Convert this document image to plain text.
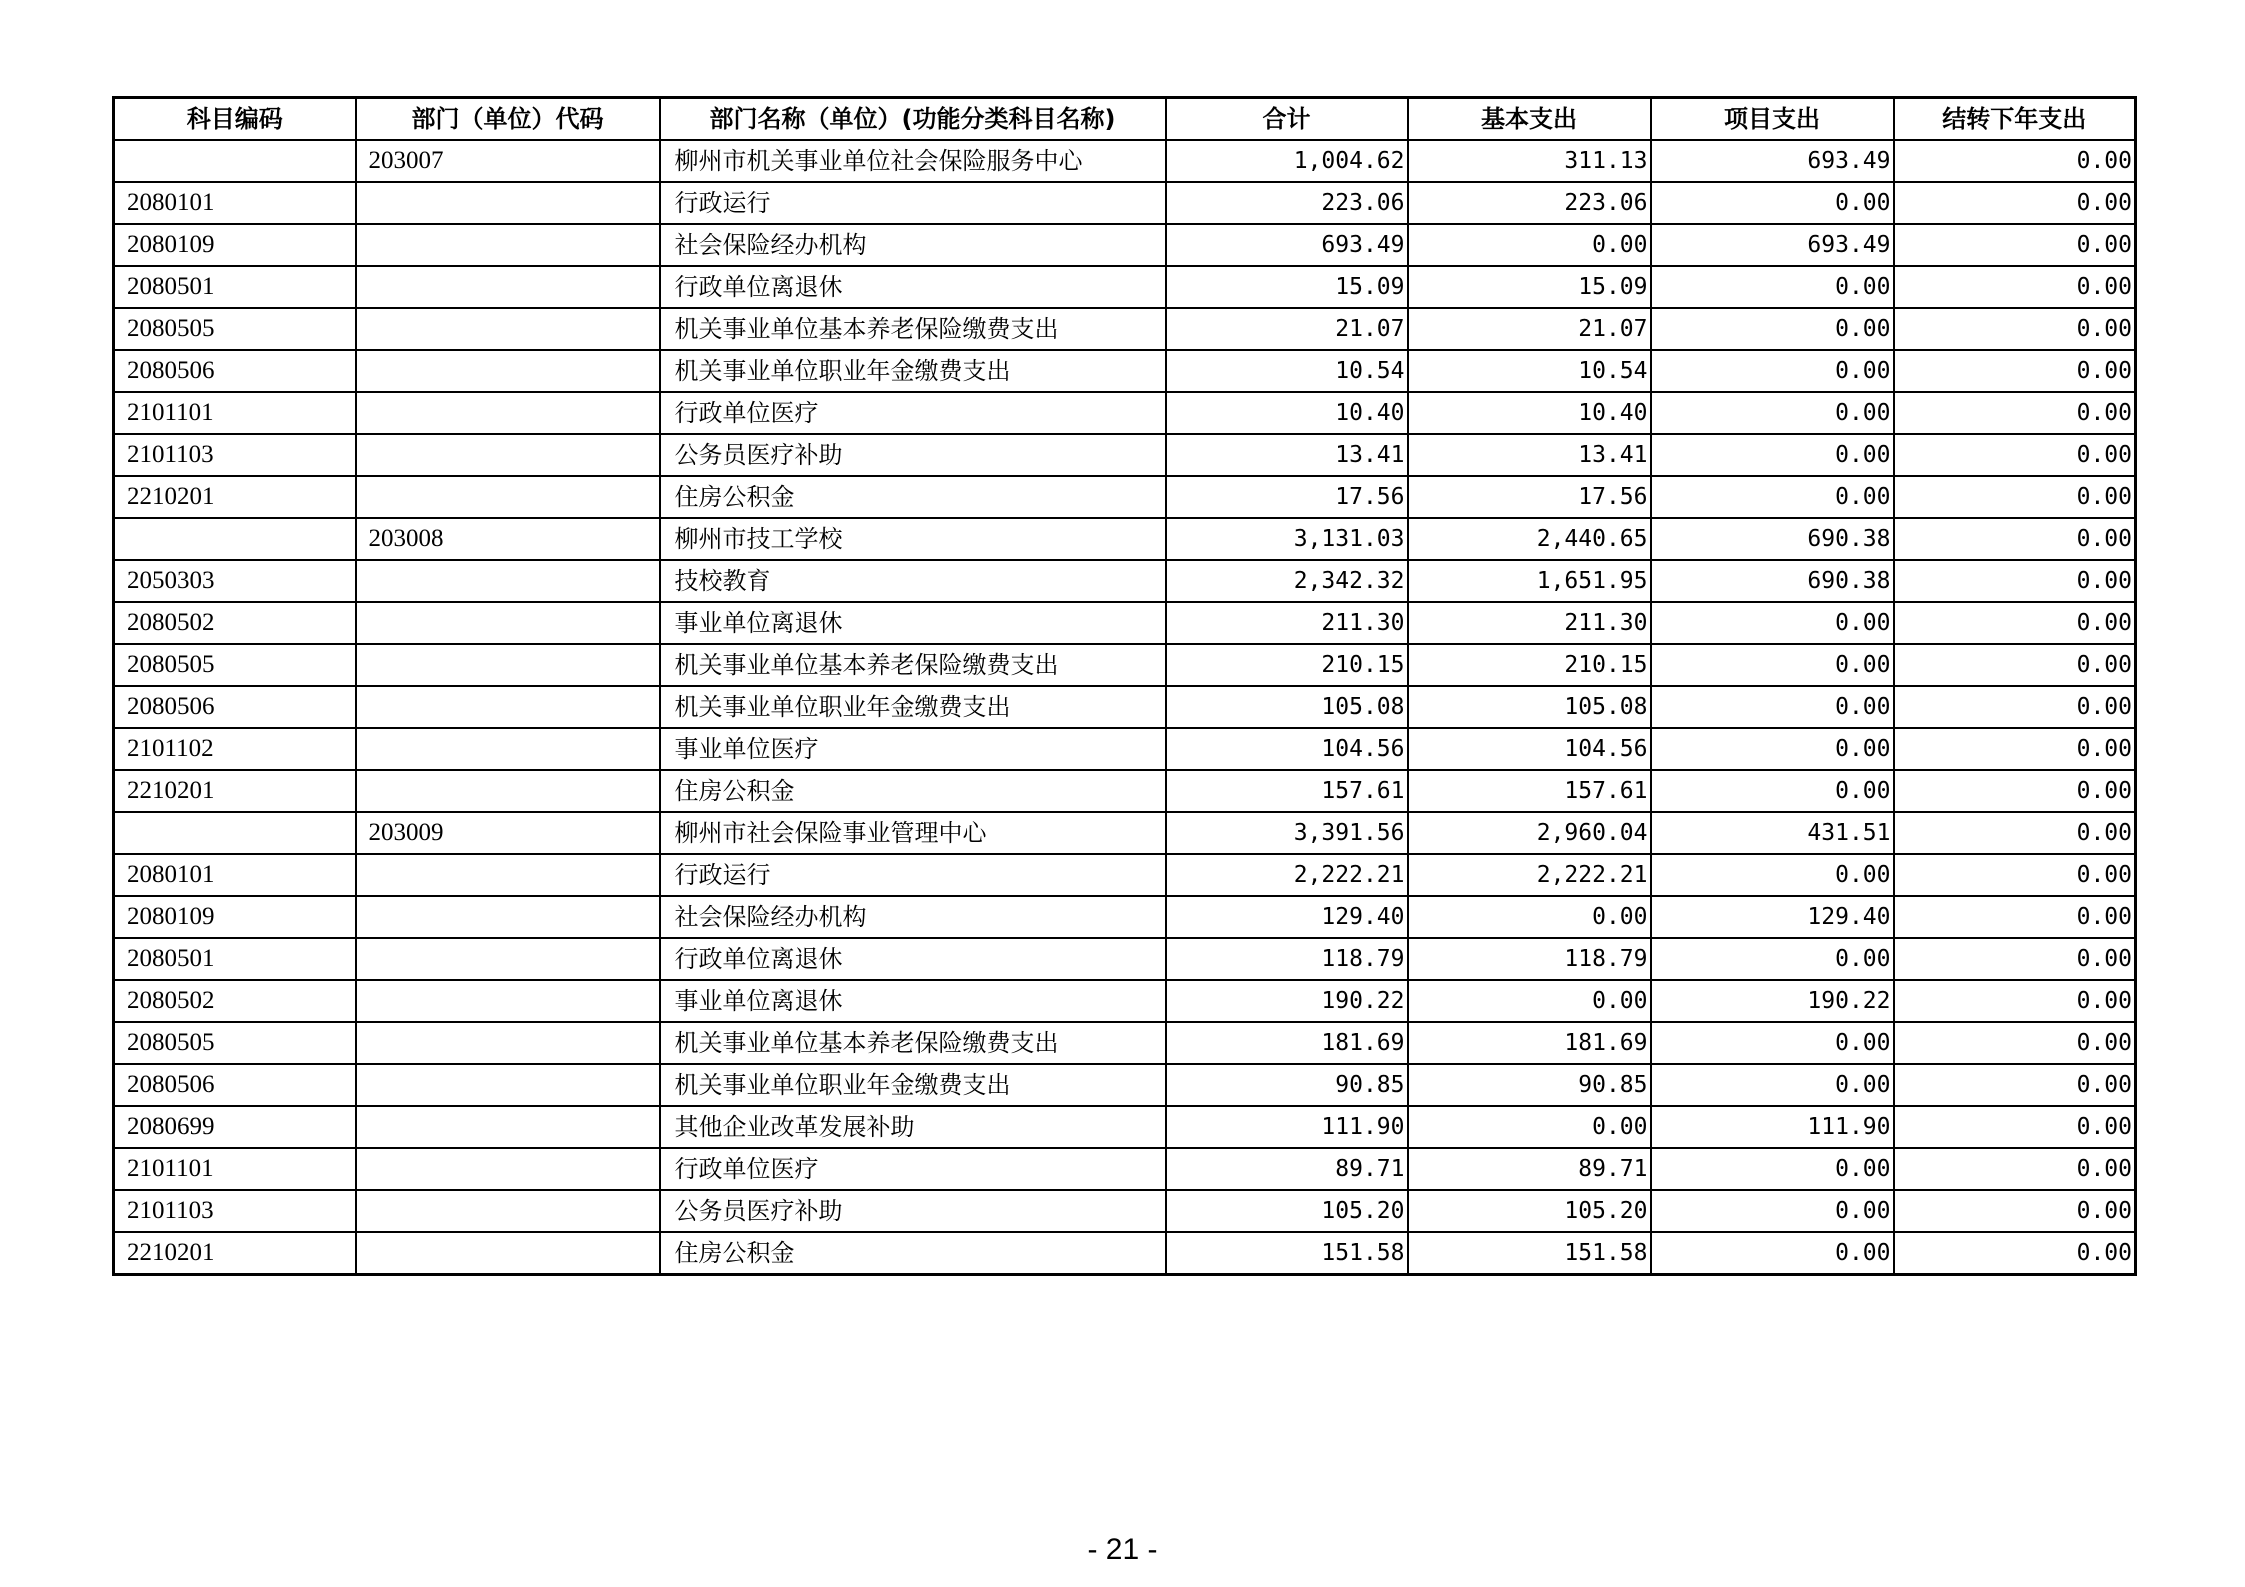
科目编码	部门（单位）代码	部门名称（单位）(功能分类科目名称)	合计	基本支出	项目支出	结转下年支出
	203007	柳州市机关事业单位社会保险服务中心	1,004.62	311.13	693.49	0.00
2080101		行政运行	223.06	223.06	0.00	0.00
2080109		社会保险经办机构	693.49	0.00	693.49	0.00
2080501		行政单位离退休	15.09	15.09	0.00	0.00
2080505		机关事业单位基本养老保险缴费支出	21.07	21.07	0.00	0.00
2080506		机关事业单位职业年金缴费支出	10.54	10.54	0.00	0.00
2101101		行政单位医疗	10.40	10.40	0.00	0.00
2101103		公务员医疗补助	13.41	13.41	0.00	0.00
2210201		住房公积金	17.56	17.56	0.00	0.00
	203008	柳州市技工学校	3,131.03	2,440.65	690.38	0.00
2050303		技校教育	2,342.32	1,651.95	690.38	0.00
2080502		事业单位离退休	211.30	211.30	0.00	0.00
2080505		机关事业单位基本养老保险缴费支出	210.15	210.15	0.00	0.00
2080506		机关事业单位职业年金缴费支出	105.08	105.08	0.00	0.00
2101102		事业单位医疗	104.56	104.56	0.00	0.00
2210201		住房公积金	157.61	157.61	0.00	0.00
	203009	柳州市社会保险事业管理中心	3,391.56	2,960.04	431.51	0.00
2080101		行政运行	2,222.21	2,222.21	0.00	0.00
2080109		社会保险经办机构	129.40	0.00	129.40	0.00
2080501		行政单位离退休	118.79	118.79	0.00	0.00
2080502		事业单位离退休	190.22	0.00	190.22	0.00
2080505		机关事业单位基本养老保险缴费支出	181.69	181.69	0.00	0.00
2080506		机关事业单位职业年金缴费支出	90.85	90.85	0.00	0.00
2080699		其他企业改革发展补助	111.90	0.00	111.90	0.00
2101101		行政单位医疗	89.71	89.71	0.00	0.00
2101103		公务员医疗补助	105.20	105.20	0.00	0.00
2210201		住房公积金	151.58	151.58	0.00	0.00
- 21 -
